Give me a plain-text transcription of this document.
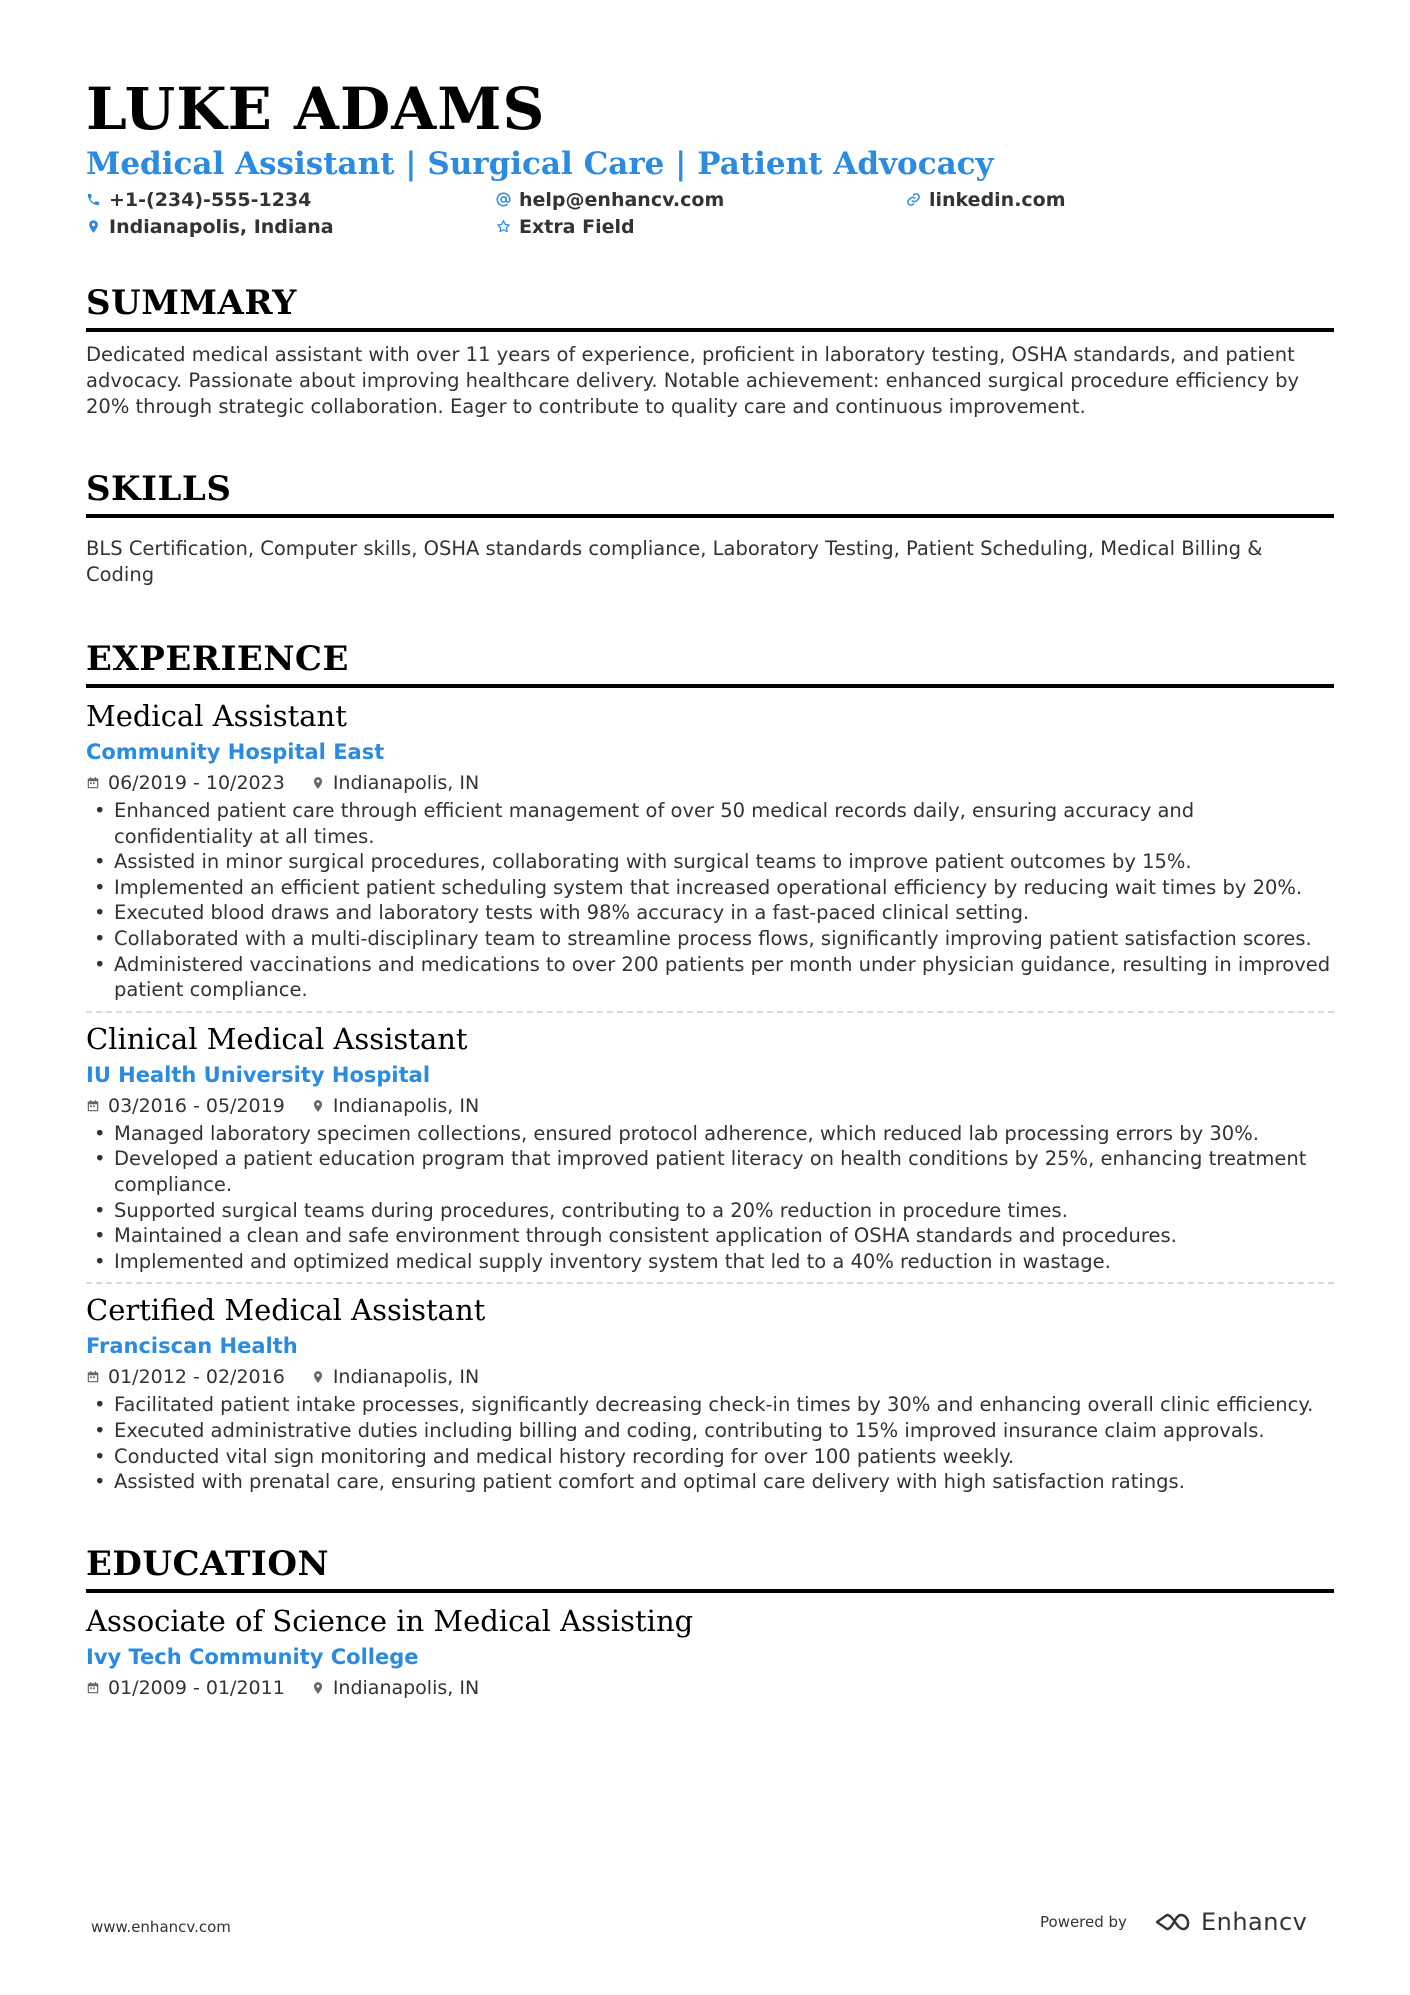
LUKE ADAMS
Medical Assistant | Surgical Care | Patient Advocacy
+1-(234)-555-1234	help@enhancv.com	linkedin.com
Indianapolis, Indiana	Extra Field
SUMMARY
Dedicated medical assistant with over 11 years of experience, proficient in laboratory testing, OSHA standards, and patient advocacy. Passionate about improving healthcare delivery. Notable achievement: enhanced surgical procedure efficiency by 20% through strategic collaboration. Eager to contribute to quality care and continuous improvement.
SKILLS
BLS Certification, Computer skills, OSHA standards compliance, Laboratory Testing, Patient Scheduling, Medical Billing & Coding
EXPERIENCE
Medical Assistant
Community Hospital East
06/2019 - 10/2023	Indianapolis, IN
• Enhanced patient care through efficient management of over 50 medical records daily, ensuring accuracy and confidentiality at all times.
• Assisted in minor surgical procedures, collaborating with surgical teams to improve patient outcomes by 15%.
• Implemented an efficient patient scheduling system that increased operational efficiency by reducing wait times by 20%.
• Executed blood draws and laboratory tests with 98% accuracy in a fast-paced clinical setting.
• Collaborated with a multi-disciplinary team to streamline process flows, significantly improving patient satisfaction scores.
• Administered vaccinations and medications to over 200 patients per month under physician guidance, resulting in improved patient compliance.
Clinical Medical Assistant
IU Health University Hospital
03/2016 - 05/2019	Indianapolis, IN
• Managed laboratory specimen collections, ensured protocol adherence, which reduced lab processing errors by 30%.
• Developed a patient education program that improved patient literacy on health conditions by 25%, enhancing treatment compliance.
• Supported surgical teams during procedures, contributing to a 20% reduction in procedure times.
• Maintained a clean and safe environment through consistent application of OSHA standards and procedures.
• Implemented and optimized medical supply inventory system that led to a 40% reduction in wastage.
Certified Medical Assistant
Franciscan Health
01/2012 - 02/2016	Indianapolis, IN
• Facilitated patient intake processes, significantly decreasing check-in times by 30% and enhancing overall clinic efficiency.
• Executed administrative duties including billing and coding, contributing to 15% improved insurance claim approvals.
• Conducted vital sign monitoring and medical history recording for over 100 patients weekly.
• Assisted with prenatal care, ensuring patient comfort and optimal care delivery with high satisfaction ratings.
EDUCATION
Associate of Science in Medical Assisting
Ivy Tech Community College
01/2009 - 01/2011	Indianapolis, IN
www.enhancv.com	Powered by	Enhancv
